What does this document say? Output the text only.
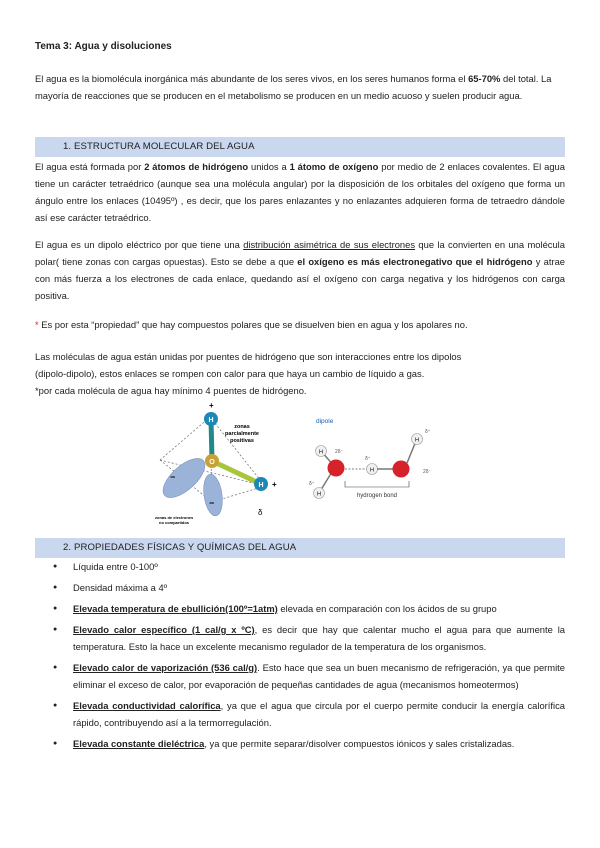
Tema 3: Agua y disoluciones
El agua es la biomolécula inorgánica más abundante de los seres vivos, en los seres humanos forma el 65-70% del total. La mayoría de reacciones que se producen en el metabolismo se producen en un medio acuoso y suelen producir agua.
1. ESTRUCTURA MOLECULAR DEL AGUA
El agua está formada por 2 átomos de hidrógeno unidos a 1 átomo de oxígeno por medio de 2 enlaces covalentes. El agua tiene un carácter tetraédrico (aunque sea una molécula angular) por la disposición de los orbitales del oxígeno que forma un ángulo entre los enlaces (10495º) , es decir, que los pares enlazantes y no enlazantes adquieren forma de tetraedro dándole así ese carácter tetraédrico.
El agua es un dipolo eléctrico por que tiene una distribución asimétrica de sus electrones que la convierten en una molécula polar( tiene zonas con cargas opuestas). Esto se debe a que el oxígeno es más electronegativo que el hidrógeno y atrae con más fuerza a los electrones de cada enlace, quedando así el oxígeno con carga negativa y los hidrógenos con carga positiva.
* Es por esta “propiedad” que hay compuestos polares que se disuelven bien en agua y los apolares no.
Las moléculas de agua están unidas por puentes de hidrógeno que son interacciones entre los dipolos
(dipolo-dipolo), estos enlaces se rompen con calor para que haya un cambio de líquido a gas.
*por cada molécula de agua hay mínimo 4 puentes de hidrógeno.
H
O
H
+
+
−
−
zonas
parcialmente
positivas
zonas de electrones
no compartidos
δ
dipole
H
H
H
H
2δ⁻
δ⁺
2δ⁻
δ⁺
δ⁺
hydrogen bond
2. PROPIEDADES FÍSICAS Y QUÍMICAS DEL AGUA
● Líquida entre 0-100º
● Densidad máxima a 4º
● Elevada temperatura de ebullición(100º=1atm) elevada en comparación con los ácidos de su grupo
● Elevado calor específico (1 cal/g x ºC), es decir que hay que calentar mucho el agua para que aumente la temperatura. Esto la hace un excelente mecanismo regulador de la temperatura de los organismos.
● Elevado calor de vaporización (536 cal/g). Esto hace que sea un buen mecanismo de refrigeración, ya que permite eliminar el exceso de calor, por evaporación de pequeñas cantidades de agua (mecanismos homeotermos)
● Elevada conductividad calorífica, ya que el agua que circula por el cuerpo permite conducir la energía calorífica rápido, contribuyendo así a la termorregulación.
● Elevada constante dieléctrica, ya que permite separar/disolver compuestos iónicos y sales cristalizadas.
